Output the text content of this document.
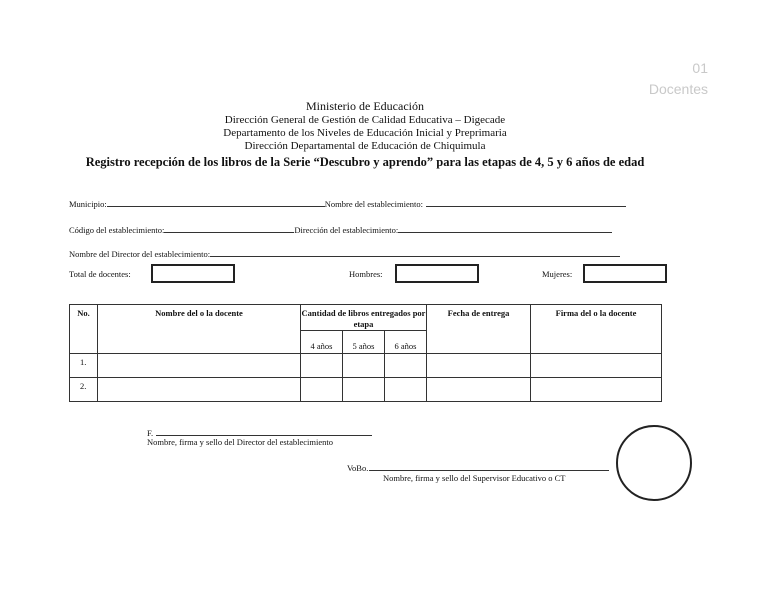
01
Docentes
Ministerio de Educación
Dirección General de Gestión de Calidad Educativa – Digecade
Departamento de los Niveles de Educación Inicial y Preprimaria
Dirección Departamental de Educación de Chiquimula
Registro recepción de los libros de la Serie “Descubro y aprendo” para las etapas de 4, 5 y 6 años de edad
Municipio:	Nombre del establecimiento:
Código del establecimiento:	Dirección del establecimiento:
Nombre del Director del establecimiento:
Total de docentes:	Hombres:	Mujeres:
No.	Nombre del o la docente	Cantidad de libros entregados por etapa			Fecha de entrega	Firma del o la docente
		4 años	5 años	6 años		
1.						
2.						
F.
Nombre, firma y sello del Director del establecimiento
VoBo.
Nombre, firma y sello del Supervisor Educativo o CT
